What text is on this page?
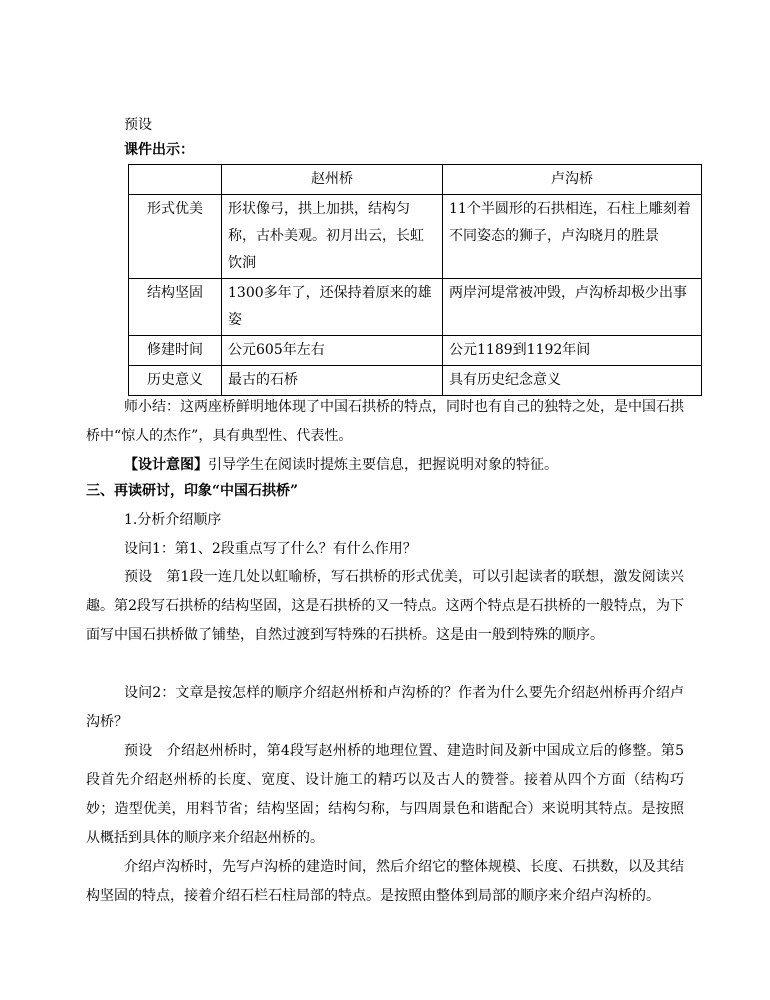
预设
课件出示：
	赵州桥	卢沟桥
形式优美	形状像弓，拱上加拱，结构匀称，古朴美观。初月出云，长虹饮涧	11个半圆形的石拱相连，石柱上雕刻着不同姿态的狮子，卢沟晓月的胜景
结构坚固	1300多年了，还保持着原来的雄姿	两岸河堤常被冲毁，卢沟桥却极少出事
修建时间	公元605年左右	公元1189到1192年间
历史意义	最古的石桥	具有历史纪念意义
师小结：这两座桥鲜明地体现了中国石拱桥的特点，同时也有自己的独特之处，是中国石拱桥中“惊人的杰作”，具有典型性、代表性。
【设计意图】引导学生在阅读时提炼主要信息，把握说明对象的特征。
三、再读研讨，印象“中国石拱桥”
1.分析介绍顺序
设问1：第1、2段重点写了什么？有什么作用？
预设　第1段一连几处以虹喻桥，写石拱桥的形式优美，可以引起读者的联想，激发阅读兴趣。第2段写石拱桥的结构坚固，这是石拱桥的又一特点。这两个特点是石拱桥的一般特点，为下面写中国石拱桥做了铺垫，自然过渡到写特殊的石拱桥。这是由一般到特殊的顺序。
设问2：文章是按怎样的顺序介绍赵州桥和卢沟桥的？作者为什么要先介绍赵州桥再介绍卢沟桥？
预设　介绍赵州桥时，第4段写赵州桥的地理位置、建造时间及新中国成立后的修整。第5段首先介绍赵州桥的长度、宽度、设计施工的精巧以及古人的赞誉。接着从四个方面（结构巧妙；造型优美，用料节省；结构坚固；结构匀称，与四周景色和谐配合）来说明其特点。是按照从概括到具体的顺序来介绍赵州桥的。
介绍卢沟桥时，先写卢沟桥的建造时间，然后介绍它的整体规模、长度、石拱数，以及其结构坚固的特点，接着介绍石栏石柱局部的特点。是按照由整体到局部的顺序来介绍卢沟桥的。
